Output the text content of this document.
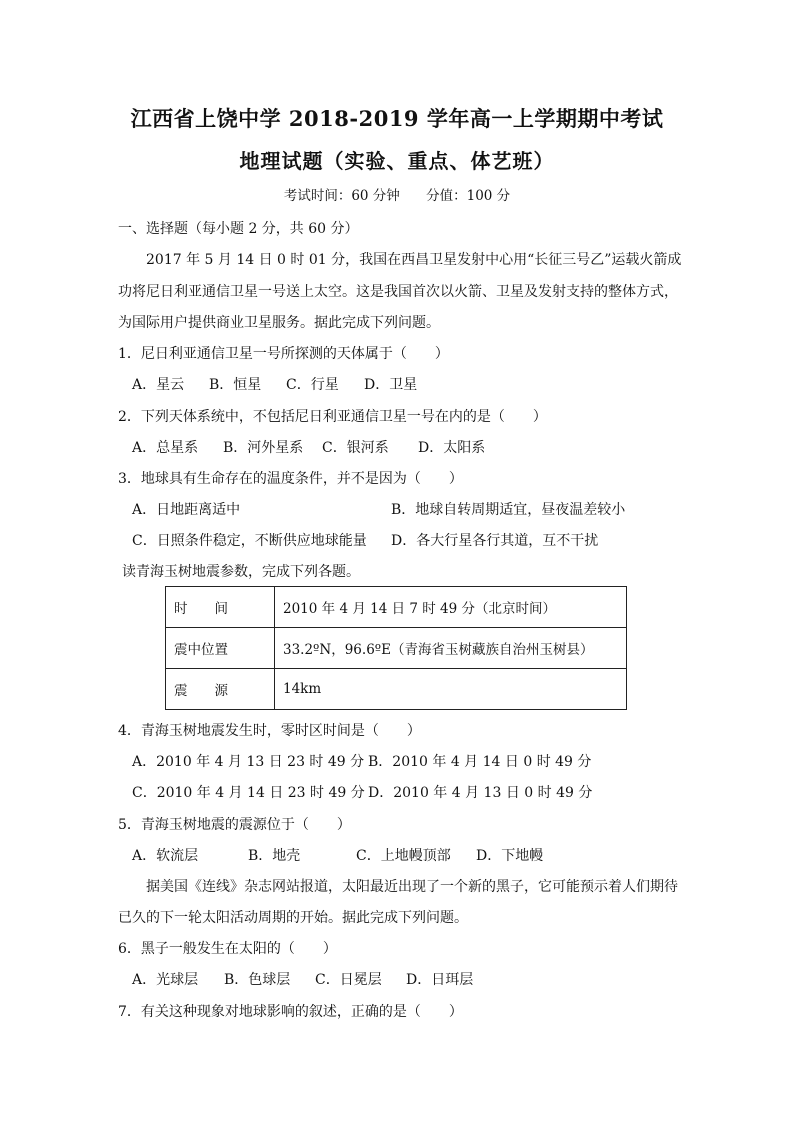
江西省上饶中学 2018-2019 学年高一上学期期中考试
地理试题（实验、重点、体艺班）
考试时间：60 分钟 分值：100 分
一、选择题（每小题 2 分，共 60 分）
2017 年 5 月 14 日 0 时 01 分，我国在西昌卫星发射中心用“长征三号乙”运载火箭成
功将尼日利亚通信卫星一号送上太空。这是我国首次以火箭、卫星及发射支持的整体方式，
为国际用户提供商业卫星服务。据此完成下列问题。
1．尼日利亚通信卫星一号所探测的天体属于（　　）
A．星云 B．恒星 C．行星 D．卫星
2．下列天体系统中，不包括尼日利亚通信卫星一号在内的是（　　）
A．总星系 B．河外星系 C．银河系 D．太阳系
3．地球具有生命存在的温度条件，并不是因为（　　）
A．日地距离适中	B．地球自转周期适宜，昼夜温差较小
C．日照条件稳定，不断供应地球能量 D．各大行星各行其道，互不干扰
读青海玉树地震参数，完成下列各题。
时　　间	2010 年 4 月 14 日 7 时 49 分（北京时间）
震中位置	33.2ºN，96.6ºE（青海省玉树藏族自治州玉树县）
震　　源	14km
4．青海玉树地震发生时，零时区时间是（　　）
A．2010 年 4 月 13 日 23 时 49 分 B．2010 年 4 月 14 日 0 时 49 分
C．2010 年 4 月 14 日 23 时 49 分 D．2010 年 4 月 13 日 0 时 49 分
5．青海玉树地震的震源位于（　　）
A．软流层	B．地壳	C．上地幔顶部 D．下地幔
据美国《连线》杂志网站报道，太阳最近出现了一个新的黑子，它可能预示着人们期待
已久的下一轮太阳活动周期的开始。据此完成下列问题。
6．黑子一般发生在太阳的（　　）
A．光球层 B．色球层 C．日冕层 D．日珥层
7．有关这种现象对地球影响的叙述，正确的是（　　）
